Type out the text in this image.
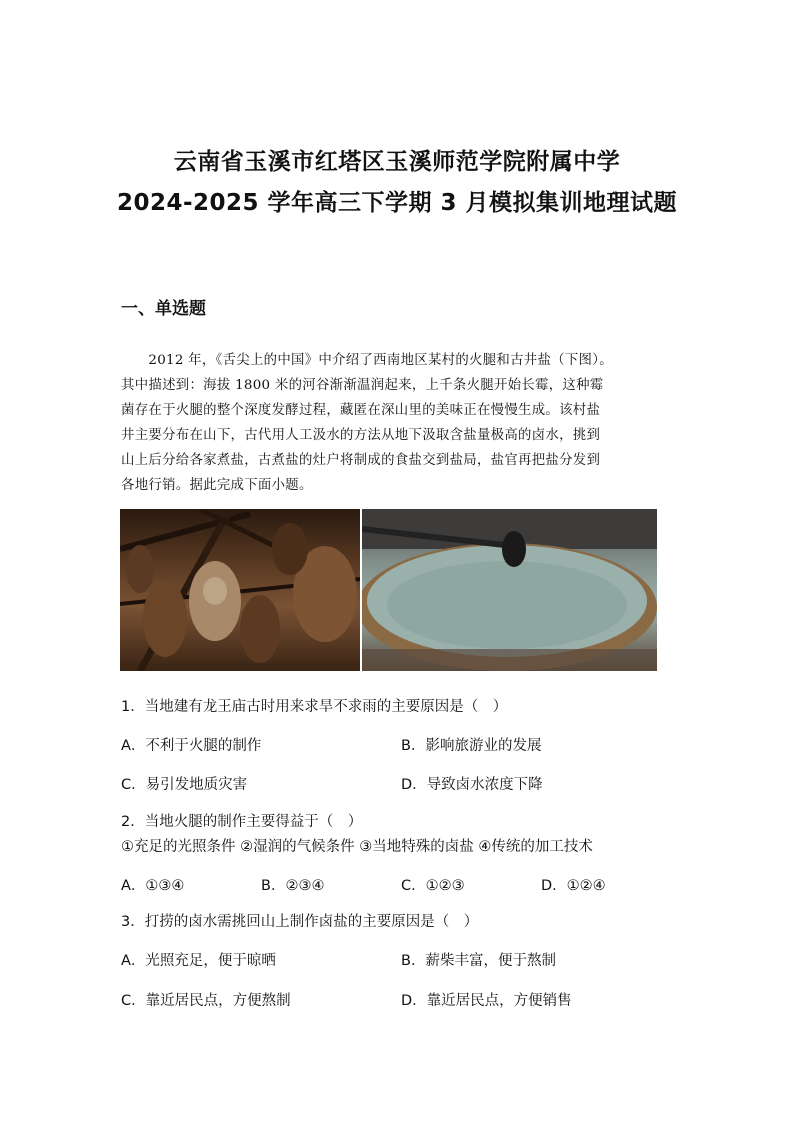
云南省玉溪市红塔区玉溪师范学院附属中学
2024-2025 学年高三下学期 3 月模拟集训地理试题
一、单选题
　　2012 年，《舌尖上的中国》中介绍了西南地区某村的火腿和古井盐（下图）。
其中描述到：海拔 1800 米的河谷渐渐温润起来，上千条火腿开始长霉，这种霉
菌存在于火腿的整个深度发酵过程，藏匿在深山里的美味正在慢慢生成。该村盐
井主要分布在山下，古代用人工汲水的方法从地下汲取含盐量极高的卤水，挑到
山上后分给各家煮盐，古煮盐的灶户将制成的食盐交到盐局，盐官再把盐分发到
各地行销。据此完成下面小题。
1．当地建有龙王庙古时用来求旱不求雨的主要原因是（　）
A．不利于火腿的制作	B．影响旅游业的发展
C．易引发地质灾害	D．导致卤水浓度下降
2．当地火腿的制作主要得益于（　）
①充足的光照条件 ②湿润的气候条件 ③当地特殊的卤盐 ④传统的加工技术
A．①③④	B．②③④	C．①②③	D．①②④
3．打捞的卤水需挑回山上制作卤盐的主要原因是（　）
A．光照充足，便于晾晒	B．薪柴丰富，便于熬制
C．靠近居民点，方便熬制	D．靠近居民点，方便销售
